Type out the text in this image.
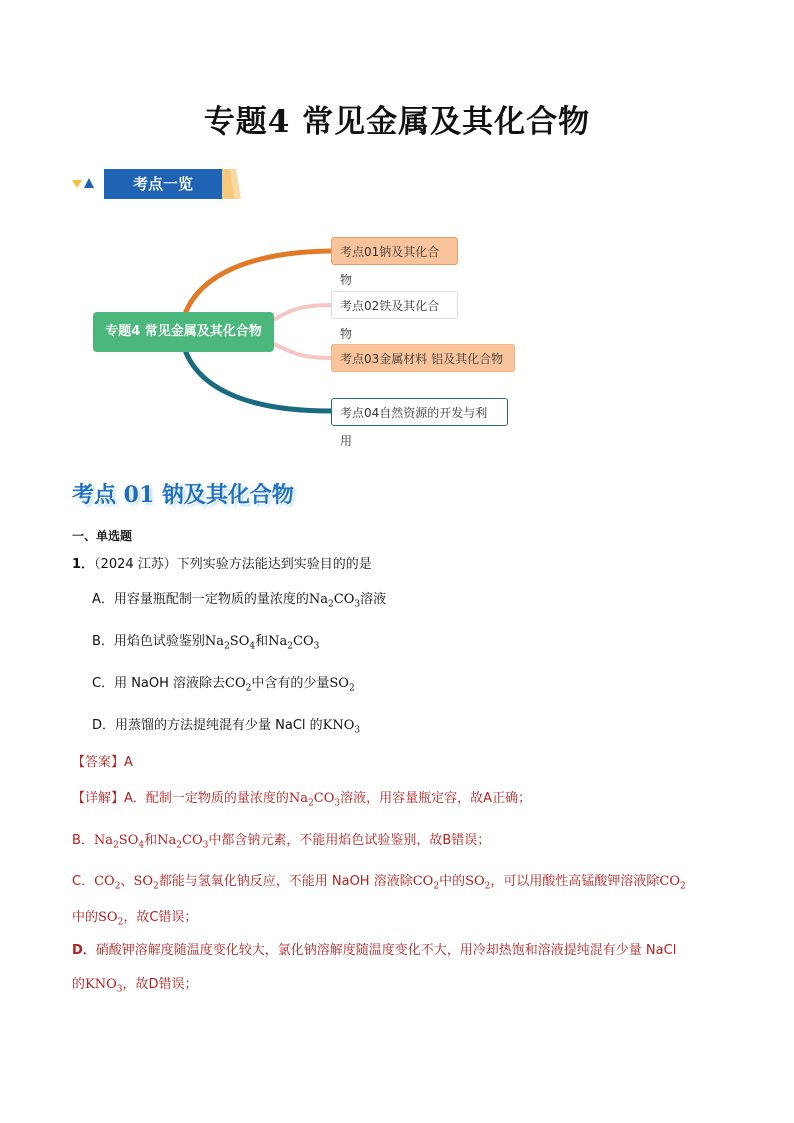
专题4 常见金属及其化合物
考点一览
专题4 常见金属及其化合物
考点01钠及其化合物
考点02铁及其化合物
考点03金属材料 铝及其化合物
考点04自然资源的开发与利用
考点 01 钠及其化合物
一、单选题
1．（2024 江苏）下列实验方法能达到实验目的的是
A．用容量瓶配制一定物质的量浓度的$Na_2CO_3$溶液
B．用焰色试验鉴别$Na_2SO_4$和$Na_2CO_3$
C．用 NaOH 溶液除去$CO_2$中含有的少量$SO_2$
D．用蒸馏的方法提纯混有少量 NaCl 的$KNO_3$
【答案】A
【详解】A．配制一定物质的量浓度的$Na_2CO_3$溶液，用容量瓶定容，故A正确；
B．$Na_2SO_4$和$Na_2CO_3$中都含钠元素，不能用焰色试验鉴别，故B错误；
C．$CO_2$、$SO_2$都能与氢氧化钠反应，不能用 NaOH 溶液除$CO_2$中的$SO_2$，可以用酸性高锰酸钾溶液除$CO_2$
中的$SO_2$，故C错误；
D．硝酸钾溶解度随温度变化较大，氯化钠溶解度随温度变化不大，用冷却热饱和溶液提纯混有少量 NaCl
的$KNO_3$，故D错误；
